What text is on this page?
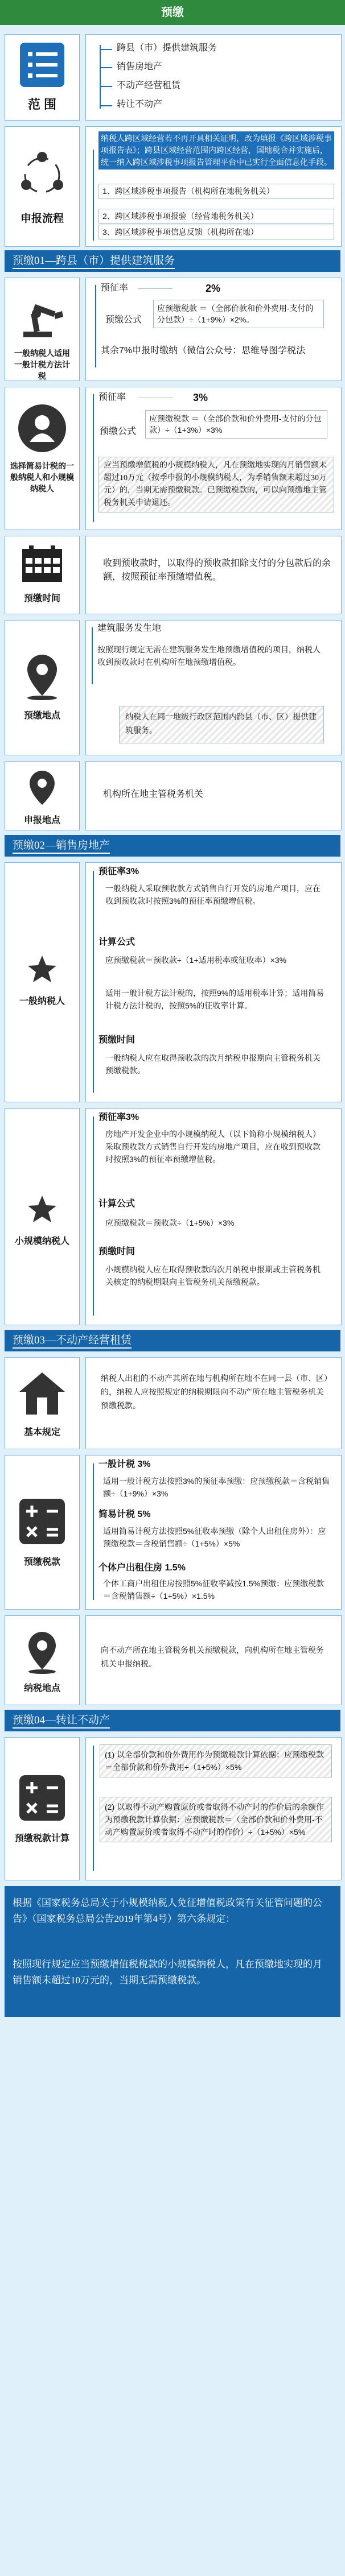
预缴
范 围
跨县（市）提供建筑服务
销售房地产
不动产经营租赁
转让不动产
申报流程
纳税人跨区域经营若不再开具相关证明，改为填报《跨区域涉税事项报告表》；跨县区域经营范围内跨区经营，国地税合并实施后，统一纳入跨区域涉税事项报告管理平台中已实行全面信息化手段。
1、跨区域涉税事项报告（机构所在地税务机关）
2、跨区域涉税事项报验（经营地税务机关）
3、跨区域涉税事项信息反馈（机构所在地）
预缴01—跨县（市）提供建筑服务
一般纳税人适用一般计税方法计税
预征率	2%
预缴公式
应预缴税款 ＝（全部价款和价外费用-支付的分包款）÷（1+9%）×2%。
其余7%申报时缴纳（微信公众号：思维导图学税法
选择简易计税的一般纳税人和小规模纳税人
预征率	3%
预缴公式
应预缴税款 ＝（全部价款和价外费用-支付的分包款）÷（1+3%）×3%
应当预缴增值税的小规模纳税人，凡在预缴地实现的月销售额未超过10万元（按季申报的小规模纳税人，为季销售额未超过30万元）的，当期无需预缴税款。已预缴税款的，可以向预缴地主管税务机关申请退还。
预缴时间
收到预收款时，以取得的预收款扣除支付的分包款后的余额，按照预征率预缴增值税。
预缴地点
建筑服务发生地
按照现行规定无需在建筑服务发生地预缴增值税的项目，纳税人收到预收款时在机构所在地预缴增值税。
纳税人在同一地级行政区范围内跨县（市、区）提供建筑服务。
申报地点
机构所在地主管税务机关
预缴02—销售房地产
一般纳税人
预征率3%
一般纳税人采取预收款方式销售自行开发的房地产项目，应在收到预收款时按照3%的预征率预缴增值税。
计算公式
应预缴税款＝预收款÷（1+适用税率或征收率）×3%
适用一般计税方法计税的，按照9%的适用税率计算；适用简易计税方法计税的，按照5%的征收率计算。
预缴时间
一般纳税人应在取得预收款的次月纳税申报期向主管税务机关预缴税款。
小规模纳税人
预征率3%
房地产开发企业中的小规模纳税人（以下简称小规模纳税人）采取预收款方式销售自行开发的房地产项目，应在收到预收款时按照3%的预征率预缴增值税。
计算公式
应预缴税款＝预收款÷（1+5%）×3%
预缴时间
小规模纳税人应在取得预收款的次月纳税申报期或主管税务机关核定的纳税期限向主管税务机关预缴税款。
预缴03—不动产经营租赁
基本规定
纳税人出租的不动产其所在地与机构所在地不在同一县（市、区）的，纳税人应按照规定的纳税期限向不动产所在地主管税务机关预缴税款。
预缴税款
一般计税 3%
适用一般计税方法按照3%的预征率预缴：应预缴税款＝含税销售额÷（1+9%）×3%
简易计税 5%
适用简易计税方法按照5%征收率预缴（除个人出租住房外）：应预缴税款＝含税销售额÷（1+5%）×5%
个体户出租住房 1.5%
个体工商户出租住房按照5%征收率减按1.5%预缴：应预缴税款＝含税销售额÷（1+5%）×1.5%
纳税地点
向不动产所在地主管税务机关预缴税款，向机构所在地主管税务机关申报纳税。
预缴04—转让不动产
预缴税款计算
(1) 以全部价款和价外费用作为预缴税款计算依据：应预缴税款＝全部价款和价外费用÷（1+5%）×5%
(2) 以取得不动产购置原价或者取得不动产时的作价后的余额作为预缴税款计算依据：应预缴税款＝（全部价款和价外费用-不动产购置原价或者取得不动产时的作价）÷（1+5%）×5%
根据《国家税务总局关于小规模纳税人免征增值税政策有关征管问题的公告》（国家税务总局公告2019年第4号）第六条规定：
按照现行规定应当预缴增值税税款的小规模纳税人，凡在预缴地实现的月销售额未超过10万元的，当期无需预缴税款。
